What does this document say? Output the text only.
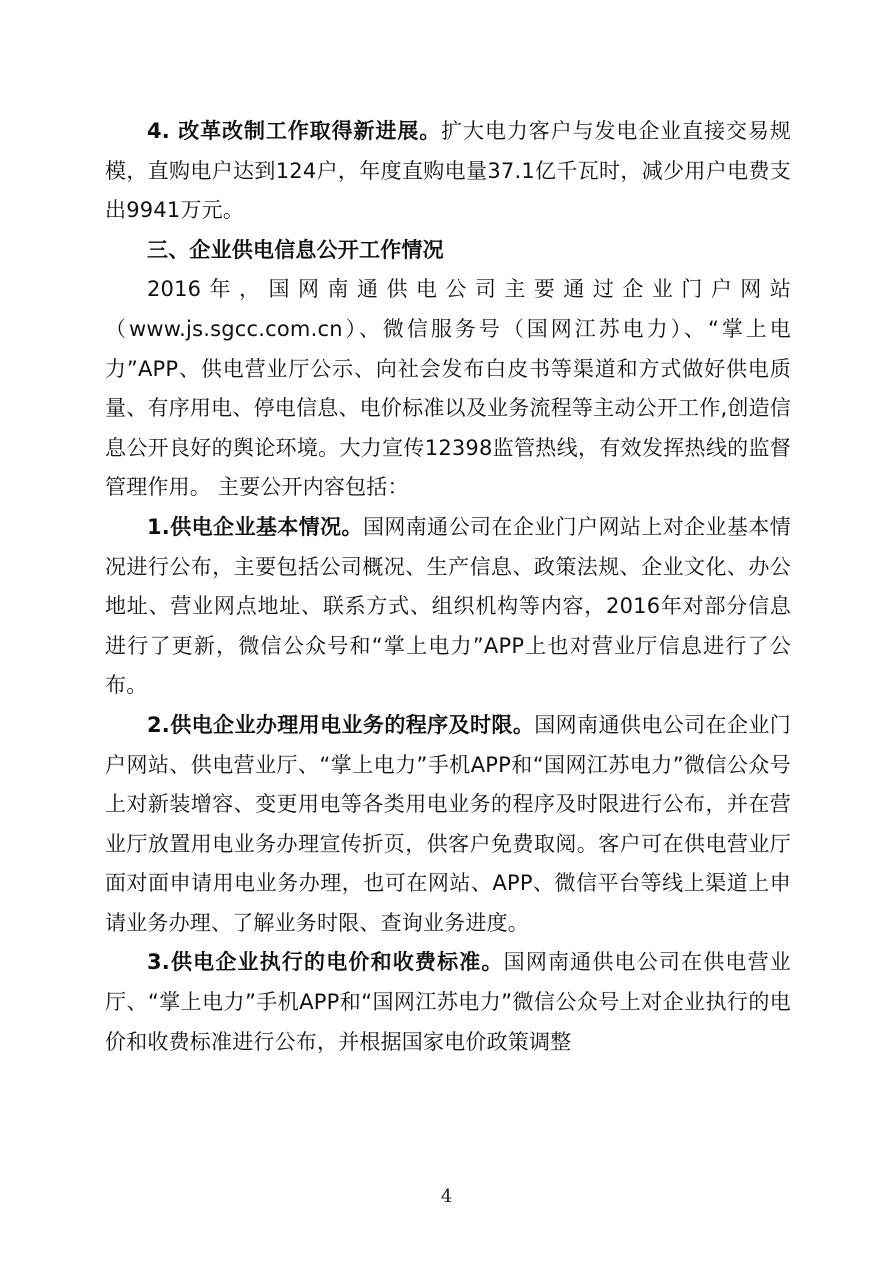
4. 改革改制工作取得新进展。扩大电力客户与发电企业直接交易规模，直购电户达到124户，年度直购电量37.1亿千瓦时，减少用户电费支出9941万元。

三、企业供电信息公开工作情况

2016年，国网南通供电公司主要通过企业门户网站（www.js.sgcc.com.cn）、微信服务号（国网江苏电力）、“掌上电力”APP、供电营业厅公示、向社会发布白皮书等渠道和方式做好供电质量、有序用电、停电信息、电价标准以及业务流程等主动公开工作,创造信息公开良好的舆论环境。大力宣传12398监管热线，有效发挥热线的监督管理作用。 主要公开内容包括：

1.供电企业基本情况。国网南通公司在企业门户网站上对企业基本情况进行公布，主要包括公司概况、生产信息、政策法规、企业文化、办公地址、营业网点地址、联系方式、组织机构等内容，2016年对部分信息进行了更新，微信公众号和“掌上电力”APP上也对营业厅信息进行了公布。

2.供电企业办理用电业务的程序及时限。国网南通供电公司在企业门户网站、供电营业厅、“掌上电力”手机APP和“国网江苏电力”微信公众号上对新装增容、变更用电等各类用电业务的程序及时限进行公布，并在营业厅放置用电业务办理宣传折页，供客户免费取阅。客户可在供电营业厅面对面申请用电业务办理，也可在网站、APP、微信平台等线上渠道上申请业务办理、了解业务时限、查询业务进度。

3.供电企业执行的电价和收费标准。国网南通供电公司在供电营业厅、“掌上电力”手机APP和“国网江苏电力”微信公众号上对企业执行的电价和收费标准进行公布，并根据国家电价政策调整

4
